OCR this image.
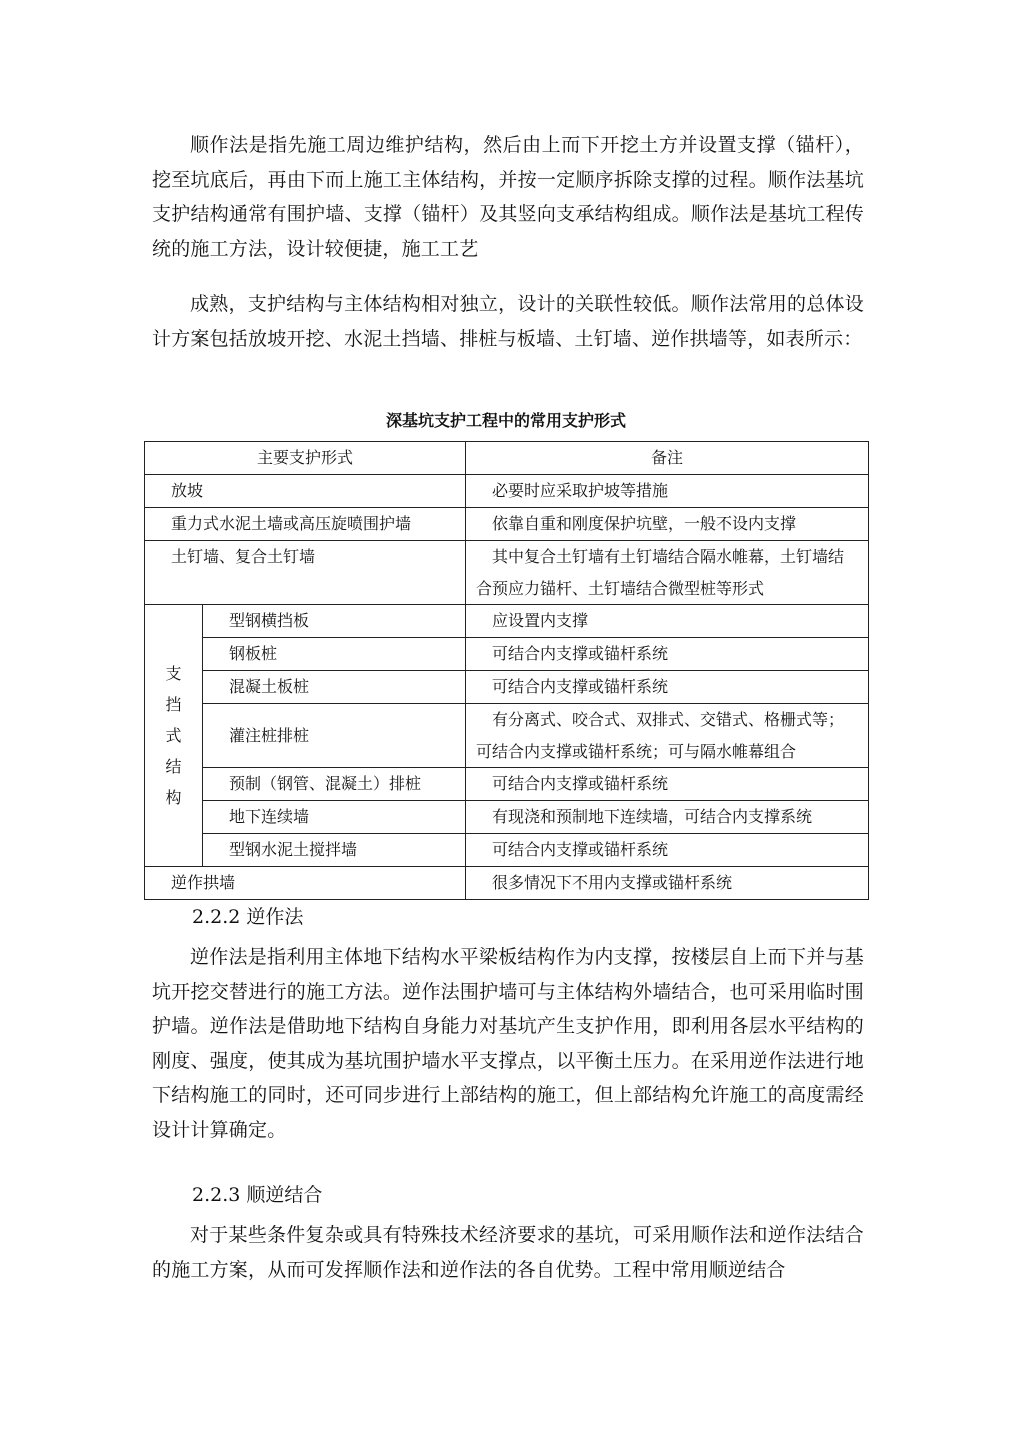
顺作法是指先施工周边维护结构，然后由上而下开挖土方并设置支撑（锚杆），挖至坑底后，再由下而上施工主体结构，并按一定顺序拆除支撑的过程。顺作法基坑支护结构通常有围护墙、支撑（锚杆）及其竖向支承结构组成。顺作法是基坑工程传统的施工方法，设计较便捷，施工工艺

成熟，支护结构与主体结构相对独立，设计的关联性较低。顺作法常用的总体设计方案包括放坡开挖、水泥土挡墙、排桩与板墙、土钉墙、逆作拱墙等，如表所示：

深基坑支护工程中的常用支护形式
主要支护形式		备注
放坡		必要时应采取护坡等措施
重力式水泥土墙或高压旋喷围护墙		依靠自重和刚度保护坑壁，一般不设内支撑
土钉墙、复合土钉墙		其中复合土钉墙有土钉墙结合隔水帷幕，土钉墙结合预应力锚杆、土钉墙结合微型桩等形式
支挡式结构	型钢横挡板	应设置内支撑
	钢板桩	可结合内支撑或锚杆系统
	混凝土板桩	可结合内支撑或锚杆系统
	灌注桩排桩	有分离式、咬合式、双排式、交错式、格栅式等；可结合内支撑或锚杆系统；可与隔水帷幕组合
	预制（钢管、混凝土）排桩	可结合内支撑或锚杆系统
	地下连续墙	有现浇和预制地下连续墙，可结合内支撑系统
	型钢水泥土搅拌墙	可结合内支撑或锚杆系统
逆作拱墙		很多情况下不用内支撑或锚杆系统

2.2.2 逆作法

逆作法是指利用主体地下结构水平梁板结构作为内支撑，按楼层自上而下并与基坑开挖交替进行的施工方法。逆作法围护墙可与主体结构外墙结合，也可采用临时围护墙。逆作法是借助地下结构自身能力对基坑产生支护作用，即利用各层水平结构的刚度、强度，使其成为基坑围护墙水平支撑点，以平衡土压力。在采用逆作法进行地下结构施工的同时，还可同步进行上部结构的施工，但上部结构允许施工的高度需经设计计算确定。

2.2.3 顺逆结合

对于某些条件复杂或具有特殊技术经济要求的基坑，可采用顺作法和逆作法结合的施工方案，从而可发挥顺作法和逆作法的各自优势。工程中常用顺逆结合
